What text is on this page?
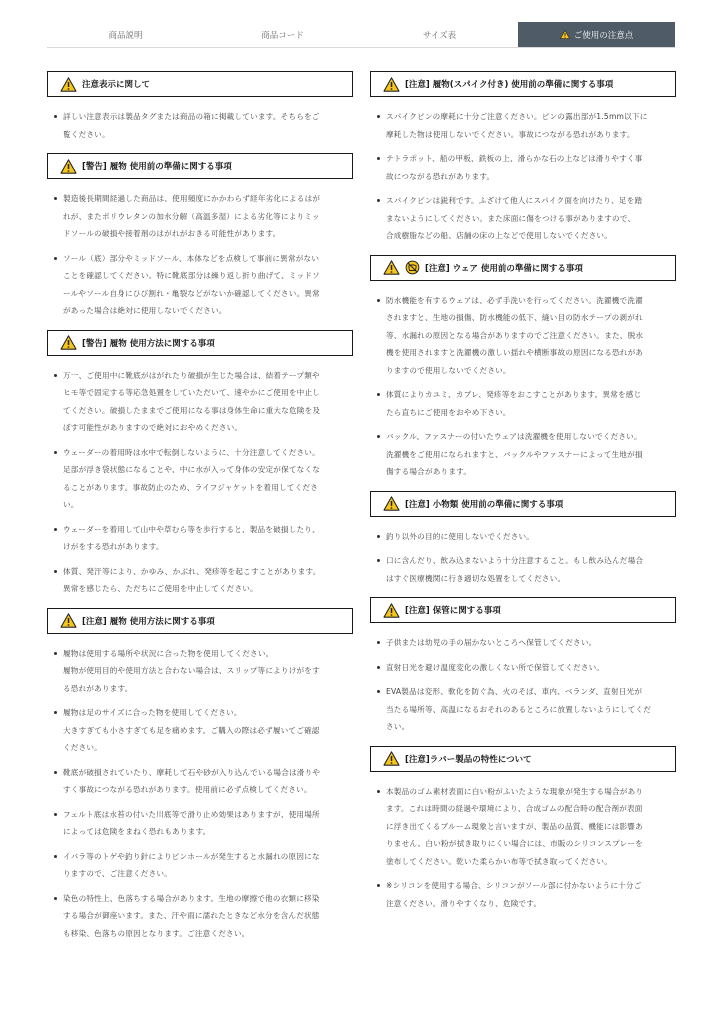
商品説明	商品コード	サイズ表	ご使用の注意点
注意表示に関して
詳しい注意表示は製品タグまたは商品の箱に掲載しています。そちらをご
覧ください。
[警告] 履物 使用前の準備に関する事項
製造後長期間経過した商品は、使用頻度にかかわらず経年劣化によるはが
れが、またポリウレタンの加水分解（高温多湿）による劣化等によりミッ
ドソールの破損や接着剤のはがれがおきる可能性があります。
ソール（底）部分やミッドソール、本体などを点検して事前に異常がない
ことを確認してください。特に靴底部分は繰り返し折り曲げて、ミッドソ
ールやソール自身にひび割れ・亀裂などがないか確認してください。異常
があった場合は絶対に使用しないでください。
[警告] 履物 使用方法に関する事項
万一、ご使用中に靴底がはがれたり破損が生じた場合は、結着テープ類や
ヒモ等で固定する等応急処置をしていただいて、速やかにご使用を中止し
てください。破損したままでご使用になる事は身体生命に重大な危険を及
ぼす可能性がありますので絶対におやめください。
ウェーダーの着用時は水中で転倒しないように、十分注意してください。
足部が浮き袋状態になることや、中に水が入って身体の安定が保てなくな
ることがあります。事故防止のため、ライフジャケットを着用してくださ
い。
ウェーダーを着用して山中や草むら等を歩行すると、製品を破損したり、
けがをする恐れがあります。
体質、発汗等により、かゆみ、かぶれ、発疹等を起こすことがあります。
異常を感じたら、ただちにご使用を中止してください。
[注意] 履物 使用方法に関する事項
履物は使用する場所や状況に合った物を使用してください。
履物が使用目的や使用方法と合わない場合は、スリップ等によりけがをす
る恐れがあります。
履物は足のサイズに合った物を使用してください。
大きすぎても小さすぎても足を痛めます。ご購入の際は必ず履いてご確認
ください。
靴底が破損されていたり、摩耗して石や砂が入り込んでいる場合は滑りや
すく事故につながる恐れがあります。使用前に必ず点検してください。
フェルト底は水苔の付いた川底等で滑り止め効果はありますが、使用場所
によっては危険をまねく恐れもあります。
イバラ等のトゲや釣り針によりピンホールが発生すると水漏れの原因にな
りますので、ご注意ください。
染色の特性上、色落ちする場合があります。生地の摩擦で他の衣類に移染
する場合が御座います。また、汗や雨に濡れたときなど水分を含んだ状態
も移染、色落ちの原因となります。ご注意ください。
[注意] 履物(スパイク付き) 使用前の準備に関する事項
スパイクピンの摩耗に十分ご注意ください。ピンの露出部が1.5mm以下に
摩耗した物は使用しないでください。事故につながる恐れがあります。
テトラポット、船の甲板、鉄板の上、滑らかな石の上などは滑りやすく事
故につながる恐れがあります。
スパイクピンは鋭利です。ふざけて他人にスパイク面を向けたり、足を踏
まないようにしてください。また床面に傷をつける事がありますので、
合成樹脂などの船、店舗の床の上などで使用しないでください。
[注意] ウェア 使用前の準備に関する事項
防水機能を有するウェアは、必ず手洗いを行ってください。洗濯機で洗濯
されますと、生地の損傷、防水機能の低下、縫い目の防水テープの剥がれ
等、水漏れの原因となる場合がありますのでご注意ください。また、脱水
機を使用されますと洗濯機の激しい揺れや横断事故の原因になる恐れがあ
りますので使用しないでください。
体質によりカユミ、カブレ、発疹等をおこすことがあります。異常を感じ
たら直ちにご使用をおやめ下さい。
バックル、ファスナーの付いたウェアは洗濯機を使用しないでください。
洗濯機をご使用になられますと、バックルやファスナーによって生地が損
傷する場合があります。
[注意] 小物類 使用前の準備に関する事項
釣り以外の目的に使用しないでください。
口に含んだり、飲み込まないよう十分注意すること。もし飲み込んだ場合
はすぐ医療機関に行き適切な処置をしてください。
[注意] 保管に関する事項
子供または幼児の手の届かないところへ保管してください。
直射日光を避け温度変化の激しくない所で保管してください。
EVA製品は変形、軟化を防ぐ為、火のそば、車内、ベランダ、直射日光が
当たる場所等、高温になるおそれのあるところに放置しないようにしてくだ
さい。
[注意]ラバー製品の特性について
本製品のゴム素材表面に白い粉がふいたような現象が発生する場合があり
ます。これは時間の経過や環境により、合成ゴムの配合時の配合剤が表面
に浮き出てくるブルーム現象と言いますが、製品の品質、機能には影響あ
りません。白い粉が拭き取りにくい場合には、市販のシリコンスプレーを
塗布してください。乾いた柔らかい布等で拭き取ってください。
※シリコンを使用する場合、シリコンがソール部に付かないように十分ご
注意ください。滑りやすくなり、危険です。
